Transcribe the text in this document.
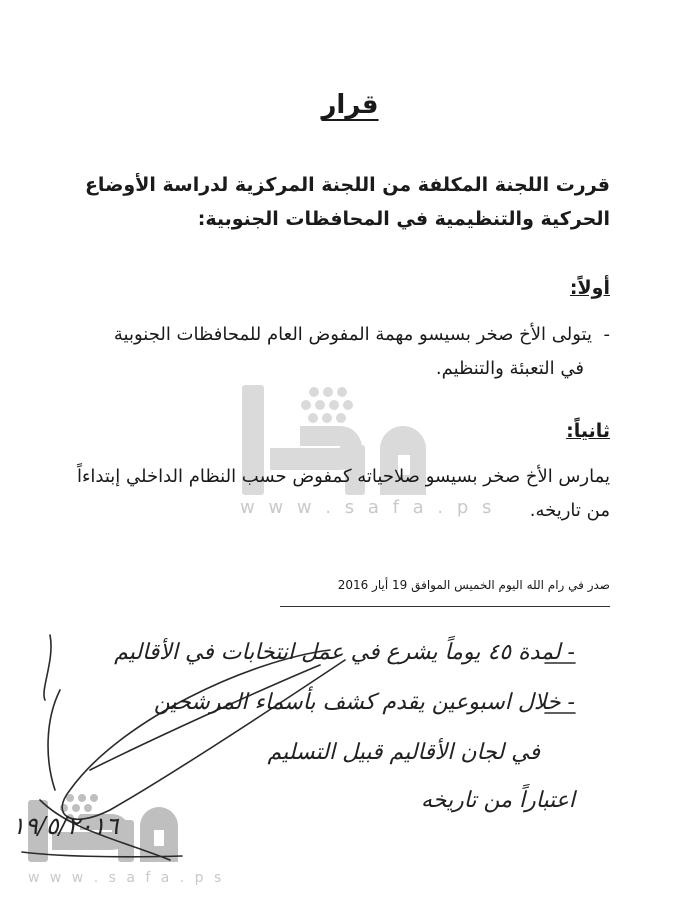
قرار
قررت اللجنة المكلفة من اللجنة المركزية لدراسة الأوضاع الحركية والتنظيمية في المحافظات الجنوبية:
أولاً:
-يتولى الأخ صخر بسيسو مهمة المفوض العام للمحافظات الجنوبية
في التعبئة والتنظيم.
ثانياً:
يمارس الأخ صخر بسيسو صلاحياته كمفوض حسب النظام الداخلي إبتداءاً من تاريخه.
w w w . s a f a . p s
صدر في رام الله اليوم الخميس الموافق 19 أيار 2016
- لمدة ٤٥ يوماً يشرع في عمل انتخابات في الأقاليم
- خلال اسبوعين يقدم كشف بأسماء المرشحين
في لجان الأقاليم قبيل التسليم
اعتباراً من تاريخه
١٩/٥/٢٠١٦
w w w . s a f a . p s
